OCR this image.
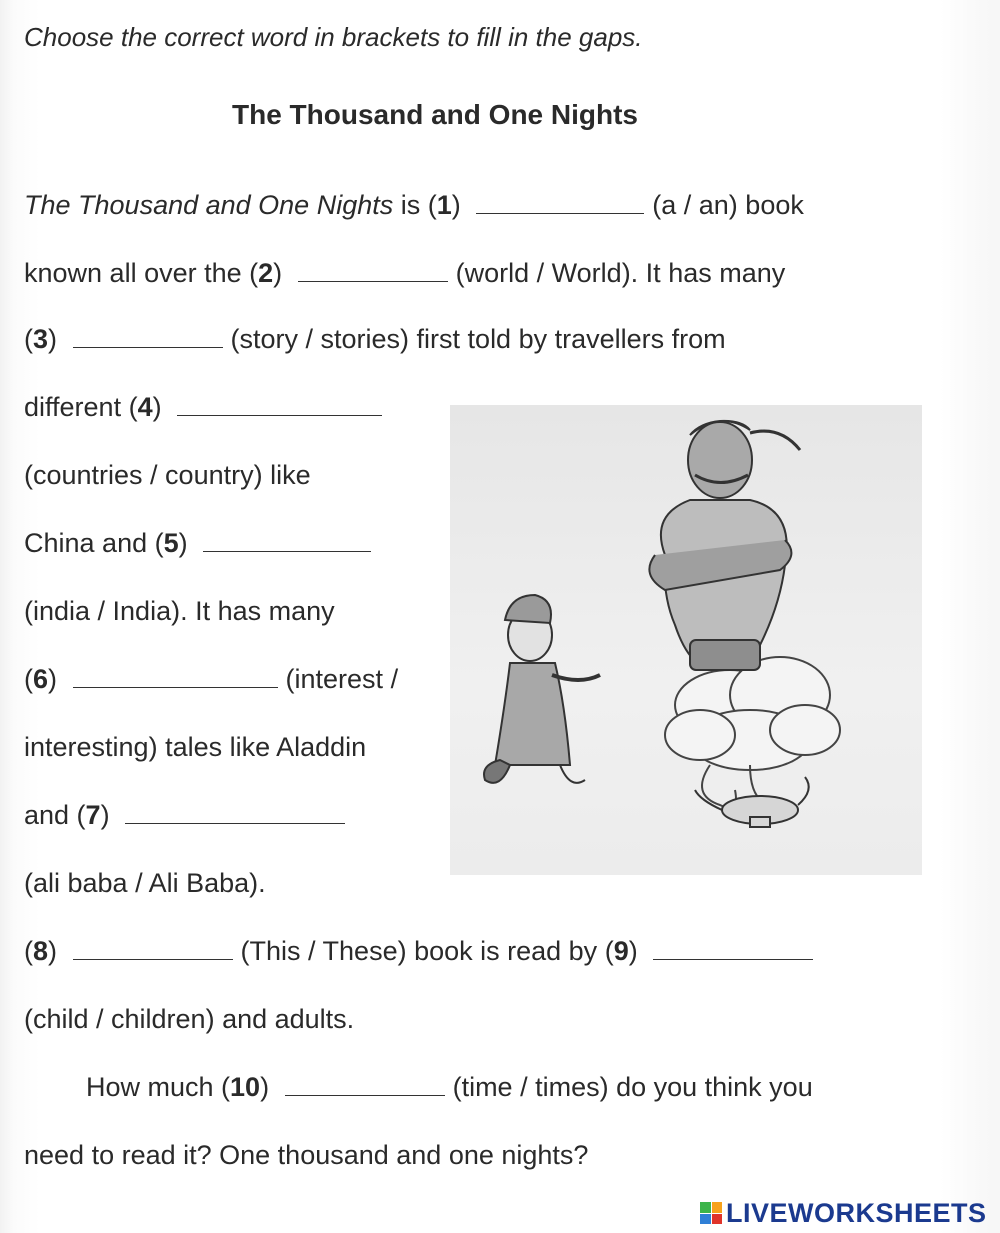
Choose the correct word in brackets to fill in the gaps.
The Thousand and One Nights
The Thousand and One Nights is (1)	(a / an) book
known all over the (2)	(world / World). It has many
(3)	(story / stories) first told by travellers from
different (4)
(countries / country) like
China and (5)
(india / India). It has many
(6)	(interest /
interesting) tales like Aladdin
and (7)
(ali baba / Ali Baba).
(8)	(This / These) book is read by (9)
(child / children) and adults.
How much (10)	(time / times) do you think you
need to read it? One thousand and one nights?
LIVEWORKSHEETS
